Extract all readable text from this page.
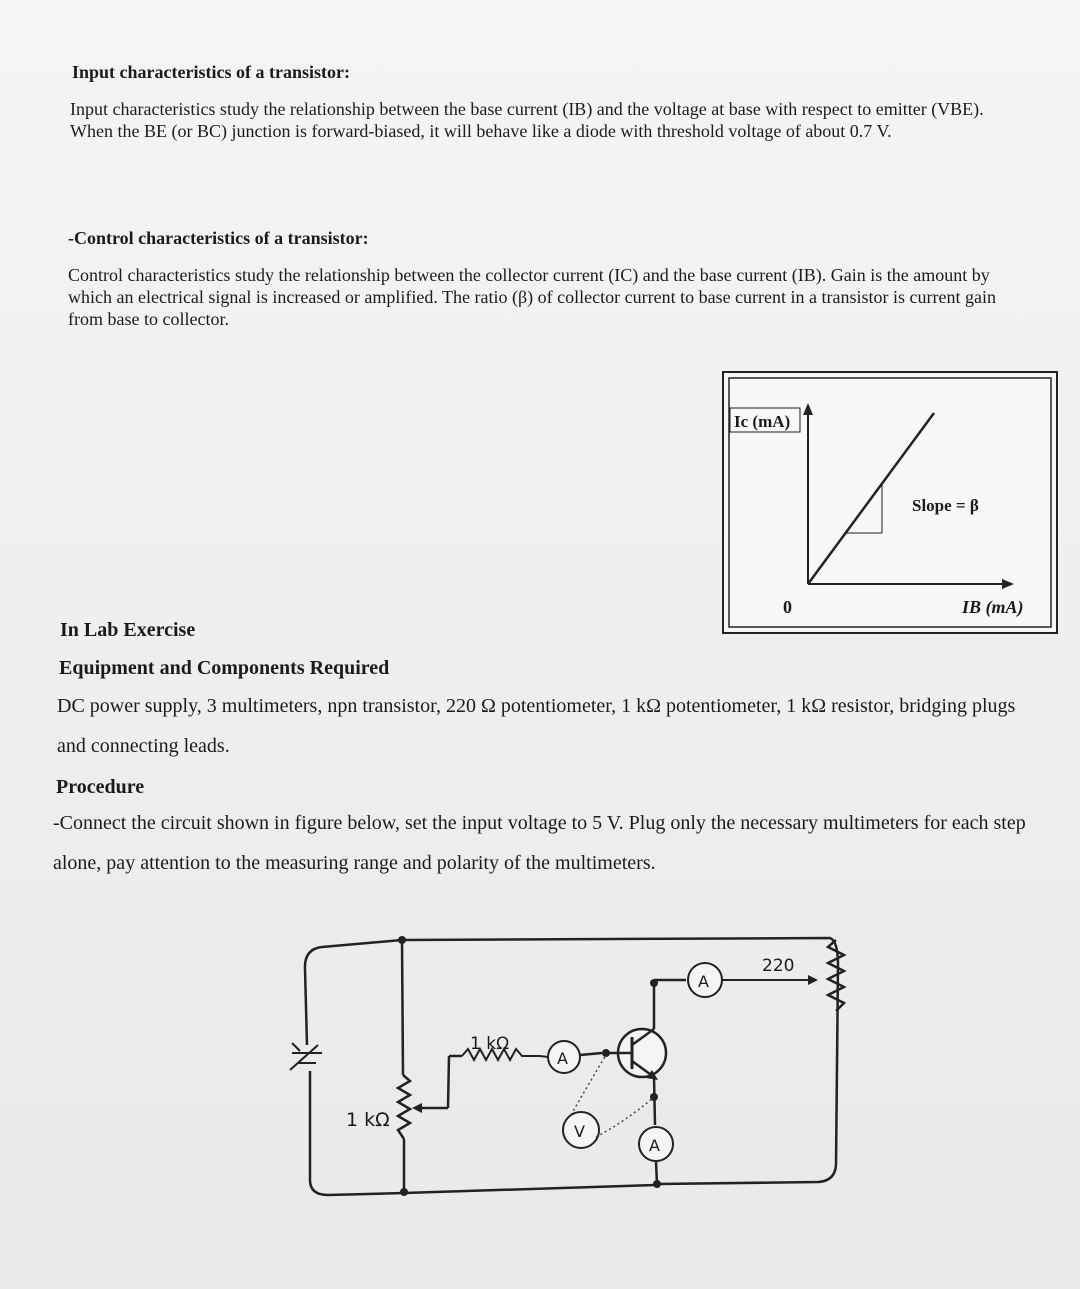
Input characteristics of a transistor:

Input characteristics study the relationship between the base current (IB) and the voltage at base with respect to emitter (VBE). When the BE (or BC) junction is forward-biased, it will behave like a diode with threshold voltage of about 0.7 V.

-Control characteristics of a transistor:

Control characteristics study the relationship between the collector current (IC) and the base current (IB). Gain is the amount by which an electrical signal is increased or amplified. The ratio (β) of collector current to base current in a transistor is current gain from base to collector.

Ic (mA)
Slope = β
0	IB (mA)
In Lab Exercise
Equipment and Components Required

DC power supply, 3 multimeters, npn transistor, 220 Ω potentiometer, 1 kΩ potentiometer, 1 kΩ resistor, bridging plugs and connecting leads.

Procedure

-Connect the circuit shown in figure below, set the input voltage to 5 V. Plug only the necessary multimeters for each step alone, pay attention to the measuring range and polarity of the multimeters.

1 kΩ
1 kΩ
A
A
220
A
V
